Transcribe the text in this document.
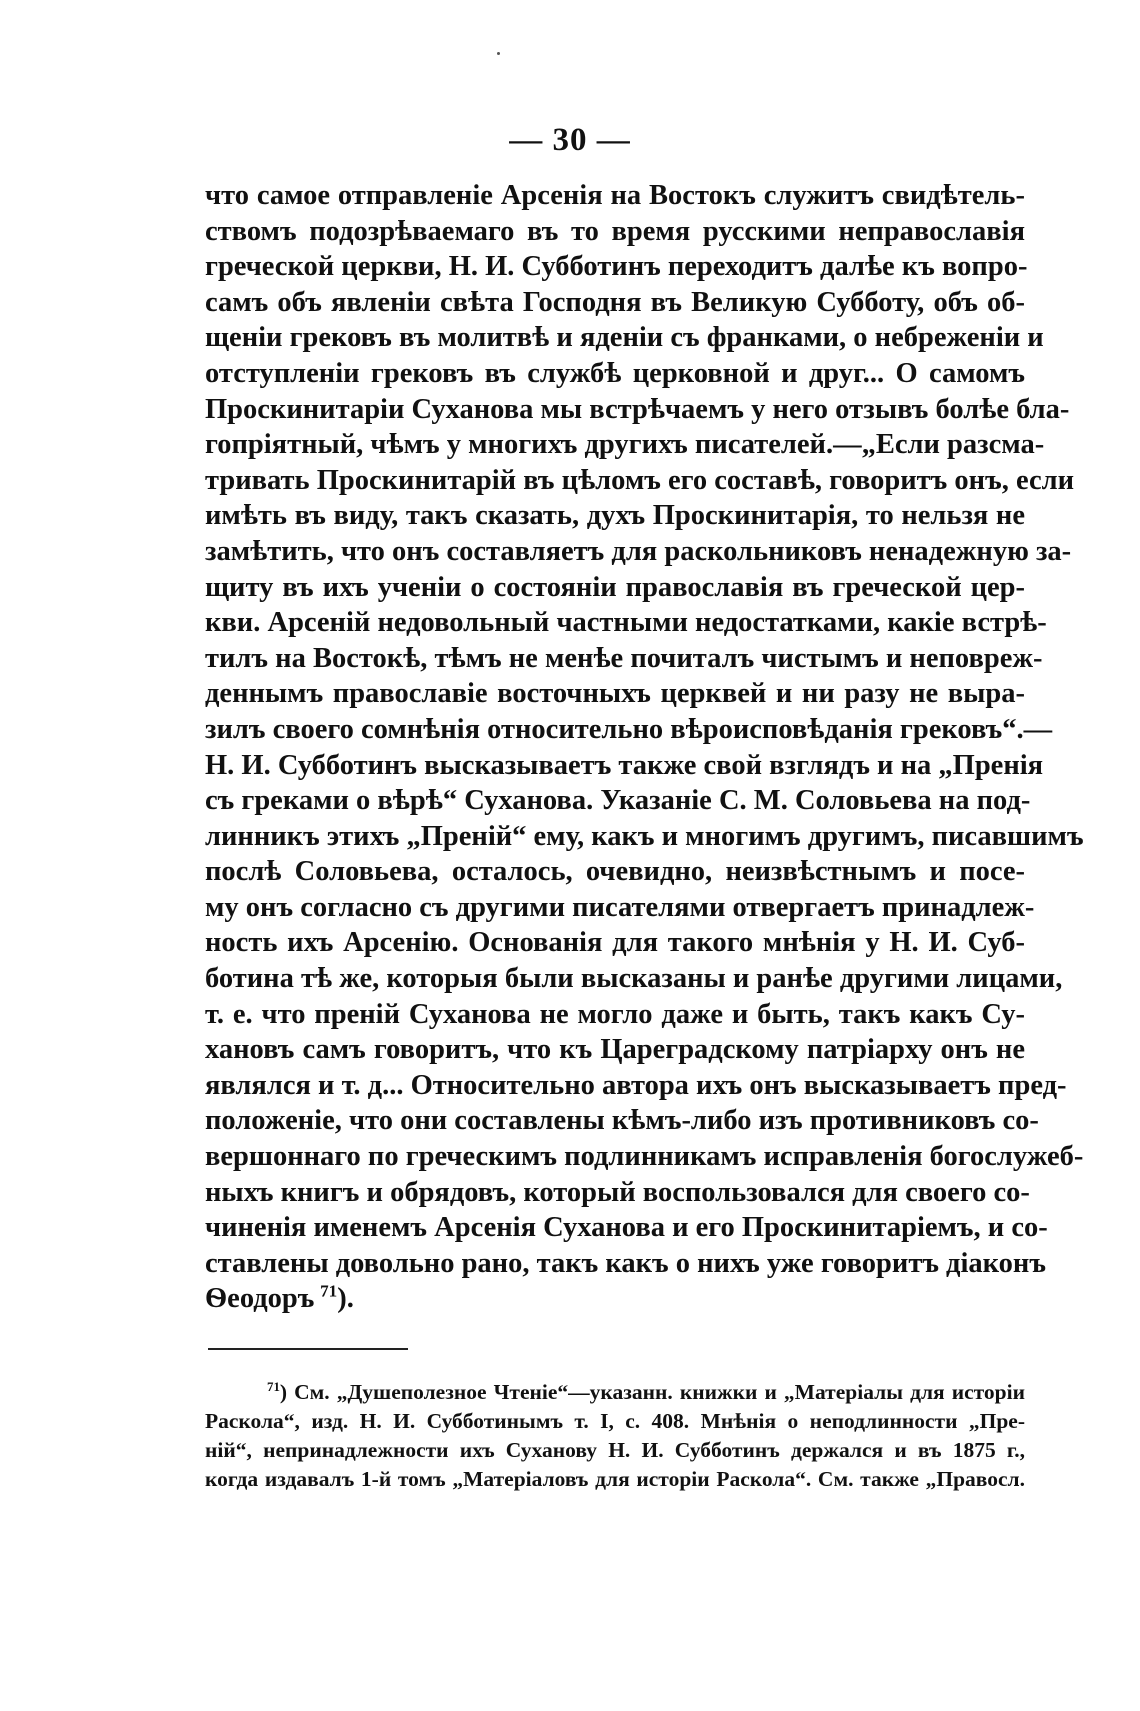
— 30 —
что самое отправленіе Арсенія на Востокъ служитъ свидѣтель-
ствомъ подозрѣваемаго въ то время русскими неправославія
греческой церкви, Н. И. Субботинъ переходитъ далѣе къ вопро-
самъ объ явленіи свѣта Господня въ Великую Субботу, объ об-
щеніи грековъ въ молитвѣ и яденіи съ франками, о небреженіи и
отступленіи грековъ въ службѣ церковной и друг... О самомъ
Проскинитаріи Суханова мы встрѣчаемъ у него отзывъ болѣе бла-
гопріятный, чѣмъ у многихъ другихъ писателей.—„Если разсма-
тривать Проскинитарій въ цѣломъ его составѣ, говоритъ онъ, если
имѣть въ виду, такъ сказать, духъ Проскинитарія, то нельзя не
замѣтить, что онъ составляетъ для раскольниковъ ненадежную за-
щиту въ ихъ ученіи о состояніи православія въ греческой цер-
кви. Арсеній недовольный частными недостатками, какіе встрѣ-
тилъ на Востокѣ, тѣмъ не менѣе почиталъ чистымъ и неповреж-
деннымъ православіе восточныхъ церквей и ни разу не выра-
зилъ своего сомнѣнія относительно вѣроисповѣданія грековъ“.—
Н. И. Субботинъ высказываетъ также свой взглядъ и на „Пренія
съ греками о вѣрѣ“ Суханова. Указаніе С. М. Соловьева на под-
линникъ этихъ „Преній“ ему, какъ и многимъ другимъ, писавшимъ
послѣ Соловьева, осталось, очевидно, неизвѣстнымъ и посе-
му онъ согласно съ другими писателями отвергаетъ принадлеж-
ность ихъ Арсенію. Основанія для такого мнѣнія у Н. И. Суб-
ботина тѣ же, которыя были высказаны и ранѣе другими лицами,
т. е. что преній Суханова не могло даже и быть, такъ какъ Су-
хановъ самъ говоритъ, что къ Цареградскому патріарху онъ не
являлся и т. д... Относительно автора ихъ онъ высказываетъ пред-
положеніе, что они составлены кѣмъ-либо изъ противниковъ со-
вершоннаго по греческимъ подлинникамъ исправленія богослужеб-
ныхъ книгъ и обрядовъ, который воспользовался для своего со-
чиненія именемъ Арсенія Суханова и его Проскинитаріемъ, и со-
ставлены довольно рано, такъ какъ о нихъ уже говоритъ діаконъ
Ѳеодоръ  $^{71}$).
$^{71}$) См. „Душеполезное Чтеніе“—указанн. книжки и „Матеріалы для исторіи
Раскола“, изд. Н. И. Субботинымъ т. I, с. 408. Мнѣнія о неподлинности „Пре-
ній“, непринадлежности ихъ Суханову Н. И. Субботинъ держался и въ 1875 г.,
когда издавалъ 1-й томъ „Матеріаловъ для исторіи Раскола“. См. также „Правосл.
